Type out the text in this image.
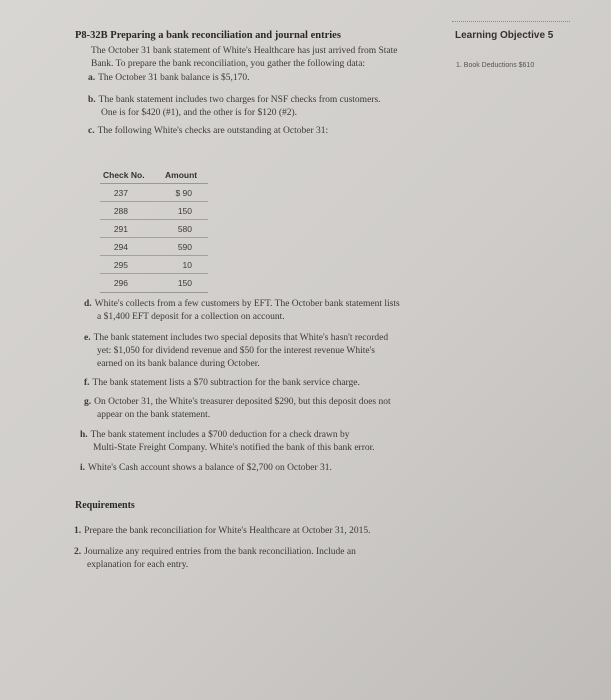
Learning Objective 5
1. Book Deductions $610
P8-32B Preparing a bank reconciliation and journal entries
The October 31 bank statement of White's Healthcare has just arrived from State
Bank. To prepare the bank reconciliation, you gather the following data:
a. The October 31 bank balance is $5,170.
b. The bank statement includes two charges for NSF checks from customers.
One is for $420 (#1), and the other is for $120 (#2).
c. The following White's checks are outstanding at October 31:
Check No. Amount
237	$ 90
288	150
291	580
294	590
295	10
296	150
d. White's collects from a few customers by EFT. The October bank statement lists
a $1,400 EFT deposit for a collection on account.
e. The bank statement includes two special deposits that White's hasn't recorded
yet: $1,050 for dividend revenue and $50 for the interest revenue White's
earned on its bank balance during October.
f. The bank statement lists a $70 subtraction for the bank service charge.
g. On October 31, the White's treasurer deposited $290, but this deposit does not
appear on the bank statement.
h. The bank statement includes a $700 deduction for a check drawn by
Multi-State Freight Company. White's notified the bank of this bank error.
i. White's Cash account shows a balance of $2,700 on October 31.
Requirements
1. Prepare the bank reconciliation for White's Healthcare at October 31, 2015.
2. Journalize any required entries from the bank reconciliation. Include an
explanation for each entry.
